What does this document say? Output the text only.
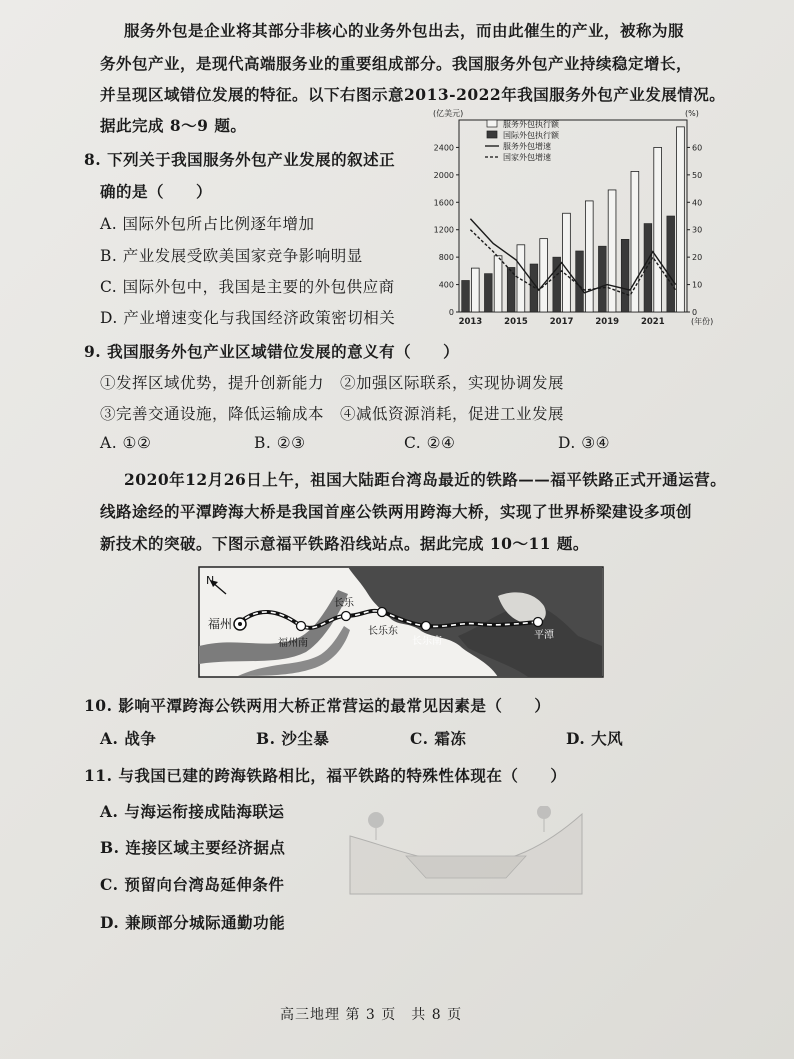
服务外包是企业将其部分非核心的业务外包出去，而由此催生的产业，被称为服
务外包产业，是现代高端服务业的重要组成部分。我国服务外包产业持续稳定增长，
并呈现区域错位发展的特征。以下右图示意2013-2022年我国服务外包产业发展情况。
据此完成 8～9 题。
8. 下列关于我国服务外包产业发展的叙述正
确的是（　　）
A. 国际外包所占比例逐年增加
B. 产业发展受欧美国家竞争影响明显
C. 国际外包中，我国是主要的外包供应商
D. 产业增速变化与我国经济政策密切相关	0
400
800
1200
1600
2000
2400
0
10
20
30
40
50
60
(亿美元)	(%)
2013	2015	2017	2019	2021	(年份)
服务外包执行额
国际外包执行额
服务外包增速
国家外包增速
9. 我国服务外包产业区域错位发展的意义有（　　）
①发挥区域优势，提升创新能力　②加强区际联系，实现协调发展
③完善交通设施，降低运输成本　④减低资源消耗，促进工业发展
A. ①②	B. ②③	C. ②④	D. ③④
2020年12月26日上午，祖国大陆距台湾岛最近的铁路——福平铁路正式开通运营。
线路途经的平潭跨海大桥是我国首座公铁两用跨海大桥，实现了世界桥梁建设多项创
新技术的突破。下图示意福平铁路沿线站点。据此完成 10～11 题。
N
福州
福州南
长乐
长乐东
长乐南
平潭
10. 影响平潭跨海公铁两用大桥正常营运的最常见因素是（　　）
A. 战争	B. 沙尘暴	C. 霜冻	D. 大风
11. 与我国已建的跨海铁路相比，福平铁路的特殊性体现在（　　）
A. 与海运衔接成陆海联运
B. 连接区域主要经济据点
C. 预留向台湾岛延伸条件
D. 兼顾部分城际通勤功能
高三地理 第 3 页　共 8 页
